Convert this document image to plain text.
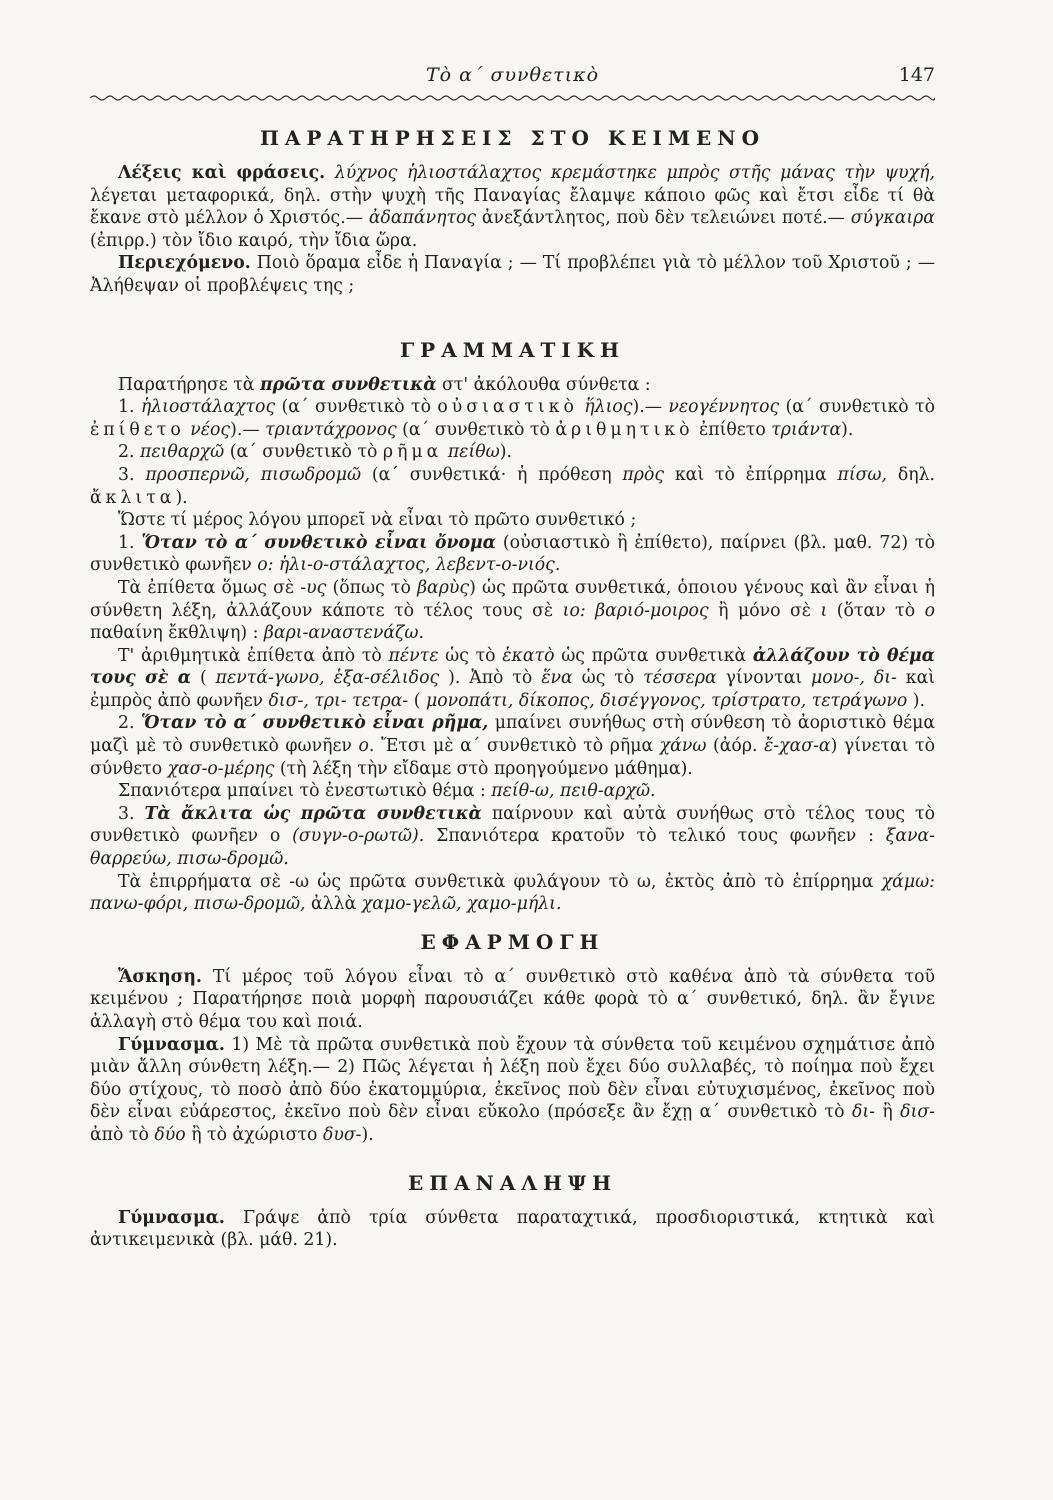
Τὸ α΄ συνθετικὸ	147
ΠΑΡΑΤΗΡΗΣΕΙΣ ΣΤΟ ΚΕΙΜΕΝΟ

Λέξεις καὶ φράσεις. λύχνος ἡλιοστάλαχτος κρεμάστηκε μπρὸς στῆς μάνας τὴν ψυχή, λέγεται μεταφορικά, δηλ. στὴν ψυχὴ τῆς Παναγίας ἔλαμψε κάποιο φῶς καὶ ἔτσι εἶδε τί θὰ ἔκανε στὸ μέλλον ὁ Χριστός.— ἀδαπάνητος ἀνεξάντλητος, ποὺ δὲν τελειώνει ποτέ.— σύγκαιρα (ἐπιρρ.) τὸν ἴδιο καιρό, τὴν ἴδια ὥρα.

Περιεχόμενο. Ποιὸ ὅραμα εἶδε ἡ Παναγία ; — Τί προβλέπει γιὰ τὸ μέλλον τοῦ Χριστοῦ ; —Ἀλήθεψαν οἱ προβλέψεις της ;

ΓΡΑΜΜΑΤΙΚΗ

Παρατήρησε τὰ πρῶτα συνθετικὰ στ' ἀκόλουθα σύνθετα :

1. ἡλιοστάλαχτος (α΄ συνθετικὸ τὸ οὐσιαστικὸ ἥλιος).— νεογέννητος (α΄ συνθετικὸ τὸ ἐπίθετο νέος).— τριαντάχρονος (α΄ συνθετικὸ τὸ ἀριθμητικὸ ἐπίθετο τριάντα).

2. πειθαρχῶ (α΄ συνθετικὸ τὸ ρῆμα πείθω).

3. προσπερνῶ, πισωδρομῶ (α΄ συνθετικά· ἡ πρόθεση πρὸς καὶ τὸ ἐπίρρημα πίσω, δηλ. ἄκλιτα).

Ὥστε τί μέρος λόγου μπορεῖ νὰ εἶναι τὸ πρῶτο συνθετικό ;

1. Ὅταν τὸ α΄ συνθετικὸ εἶναι ὄνομα (οὐσιαστικὸ ἢ ἐπίθετο), παίρνει (βλ. μαθ. 72) τὸ συνθετικὸ φωνῆεν ο: ἡλι-ο-στάλαχτος, λεβεντ-ο-νιός.

Τὰ ἐπίθετα ὅμως σὲ -υς (ὅπως τὸ βαρὺς) ὡς πρῶτα συνθετικά, ὁποιου γένους καὶ ἂν εἶναι ἡ σύνθετη λέξη, ἀλλάζουν κάποτε τὸ τέλος τους σὲ ιο: βαριό-μοιρος ἢ μόνο σὲ ι (ὅταν τὸ ο παθαίνη ἔκθλιψη) : βαρι-αναστενάζω.

Τ' ἀριθμητικὰ ἐπίθετα ἀπὸ τὸ πέντε ὡς τὸ ἑκατὸ ὡς πρῶτα συνθετικὰ ἀλλάζουν τὸ θέμα τους σὲ α ( πεντά-γωνο, ἑξα-σέλιδος ). Ἀπὸ τὸ ἕνα ὡς τὸ τέσσερα γίνονται μονο-, δι- καὶ ἐμπρὸς ἀπὸ φωνῆεν δισ-, τρι- τετρα- ( μονοπάτι, δίκοπος, δισέγγονος, τρίστρατο, τετράγωνο ).

2. Ὅταν τὸ α΄ συνθετικὸ εἶναι ρῆμα, μπαίνει συνήθως στὴ σύνθεση τὸ ἀοριστικὸ θέμα μαζὶ μὲ τὸ συνθετικὸ φωνῆεν ο. Ἔτσι μὲ α΄ συνθετικὸ τὸ ρῆμα χάνω (ἀόρ. ἔ-χασ-α) γίνεται τὸ σύνθετο χασ-ο-μέρης (τὴ λέξη τὴν εἴδαμε στὸ προηγούμενο μάθημα).

Σπανιότερα μπαίνει τὸ ἐνεστωτικὸ θέμα : πείθ-ω, πειθ-αρχῶ.

3. Τὰ ἄκλιτα ὡς πρῶτα συνθετικὰ παίρνουν καὶ αὐτὰ συνήθως στὸ τέλος τους τὸ συνθετικὸ φωνῆεν ο (συγν-ο-ρωτῶ). Σπανιότερα κρατοῦν τὸ τελικό τους φωνῆεν : ξανα-θαρρεύω, πισω-δρομῶ.

Τὰ ἐπιρρήματα σὲ -ω ὡς πρῶτα συνθετικὰ φυλάγουν τὸ ω, ἐκτὸς ἀπὸ τὸ ἐπίρρημα χάμω: πανω-φόρι, πισω-δρομῶ, ἀλλὰ χαμο-γελῶ, χαμο-μήλι.

ΕΦΑΡΜΟΓΗ

Ἄσκηση. Τί μέρος τοῦ λόγου εἶναι τὸ α΄ συνθετικὸ στὸ καθένα ἀπὸ τὰ σύνθετα τοῦ κειμένου ; Παρατήρησε ποιὰ μορφὴ παρουσιάζει κάθε φορὰ τὸ α΄ συνθετικό, δηλ. ἂν ἔγινε ἀλλαγὴ στὸ θέμα του καὶ ποιά.

Γύμνασμα. 1) Μὲ τὰ πρῶτα συνθετικὰ ποὺ ἔχουν τὰ σύνθετα τοῦ κειμένου σχημάτισε ἀπὸ μιὰν ἄλλη σύνθετη λέξη.— 2) Πῶς λέγεται ἡ λέξη ποὺ ἔχει δύο συλλαβές, τὸ ποίημα ποὺ ἔχει δύο στίχους, τὸ ποσὸ ἀπὸ δύο ἑκατομμύρια, ἐκεῖνος ποὺ δὲν εἶναι εὐτυχισμένος, ἐκεῖνος ποὺ δὲν εἶναι εὐάρεστος, ἐκεῖνο ποὺ δὲν εἶναι εὔκολο (πρόσεξε ἂν ἔχῃ α΄ συνθετικὸ τὸ δι- ἢ δισ- ἀπὸ τὸ δύο ἢ τὸ ἀχώριστο δυσ-).

ΕΠΑΝΑΛΗΨΗ

Γύμνασμα. Γράψε ἀπὸ τρία σύνθετα παραταχτικά, προσδιοριστικά, κτητικὰ καὶ ἀντικειμενικὰ (βλ. μάθ. 21).
